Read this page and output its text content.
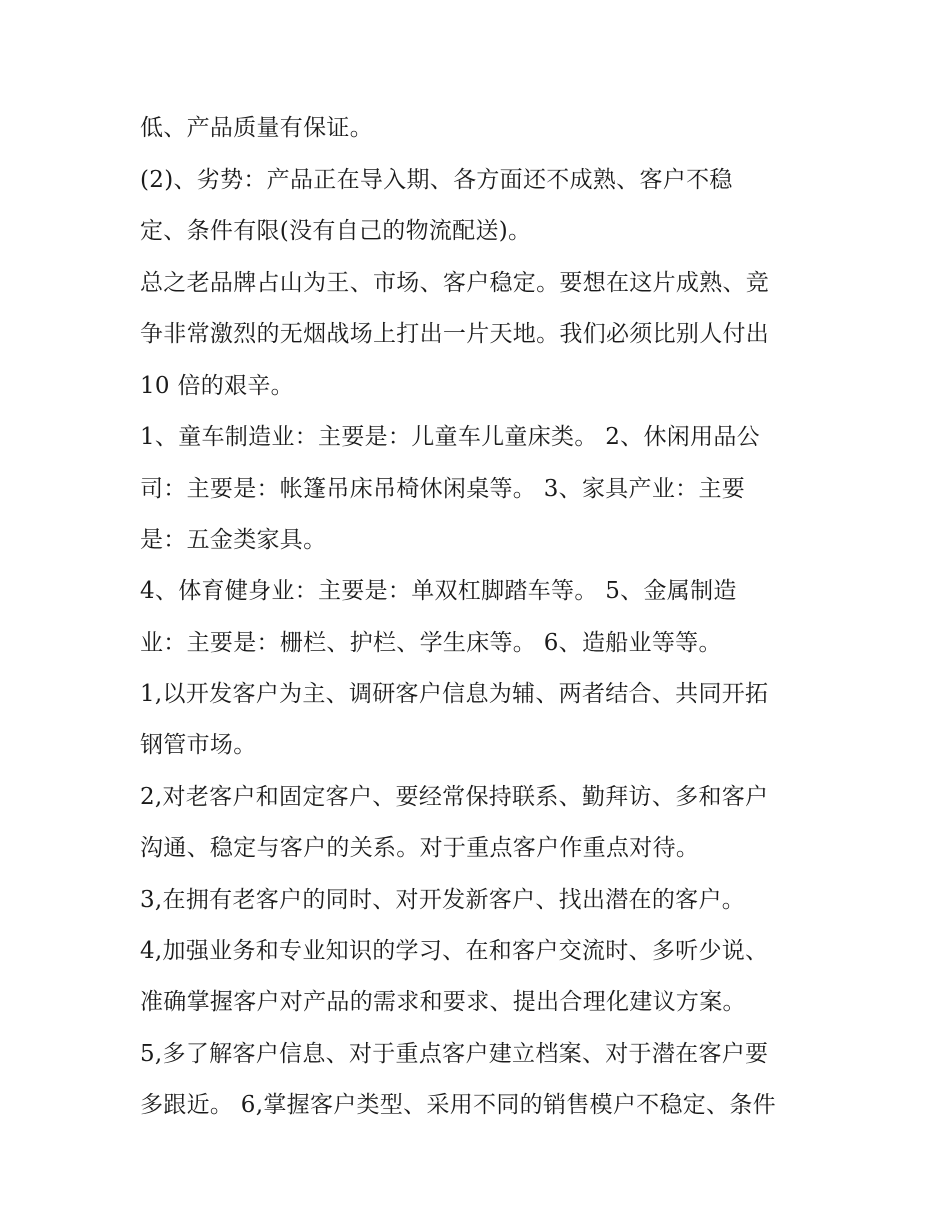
低、产品质量有保证。
(2)、劣势：产品正在导入期、各方面还不成熟、客户不稳
定、条件有限(没有自己的物流配送)。
总之老品牌占山为王、市场、客户稳定。要想在这片成熟、竞
争非常激烈的无烟战场上打出一片天地。我们必须比别人付出
10 倍的艰辛。
1、童车制造业：主要是：儿童车儿童床类。 2、休闲用品公
司：主要是：帐篷吊床吊椅休闲桌等。 3、家具产业：主要
是：五金类家具。
4、体育健身业：主要是：单双杠脚踏车等。 5、金属制造
业：主要是：栅栏、护栏、学生床等。 6、造船业等等。
1,以开发客户为主、调研客户信息为辅、两者结合、共同开拓
钢管市场。
2,对老客户和固定客户、要经常保持联系、勤拜访、多和客户
沟通、稳定与客户的关系。对于重点客户作重点对待。
3,在拥有老客户的同时、对开发新客户、找出潜在的客户。
4,加强业务和专业知识的学习、在和客户交流时、多听少说、
准确掌握客户对产品的需求和要求、提出合理化建议方案。
5,多了解客户信息、对于重点客户建立档案、对于潜在客户要
多跟近。 6,掌握客户类型、采用不同的销售模户不稳定、条件
